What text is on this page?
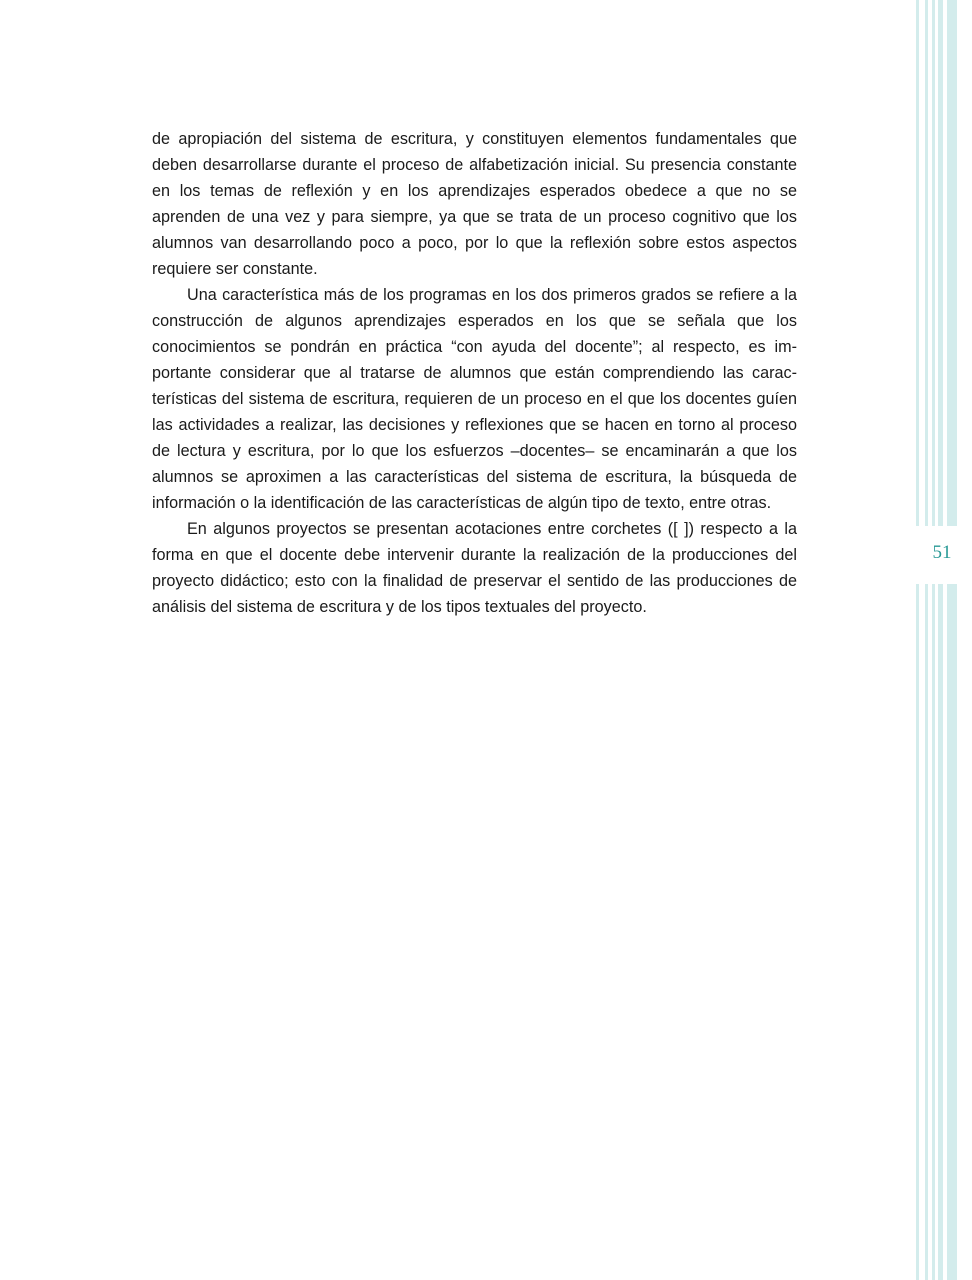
de apropiación del sistema de escritura, y constituyen elementos fundamentales que deben desarrollarse durante el proceso de alfabetización inicial. Su presencia constante en los temas de reflexión y en los aprendizajes esperados obedece a que no se aprenden de una vez y para siempre, ya que se trata de un proceso cognitivo que los alumnos van desarrollando poco a poco, por lo que la reflexión sobre estos aspectos requiere ser constante.

Una característica más de los programas en los dos primeros grados se refiere a la construcción de algunos aprendizajes esperados en los que se señala que los conocimientos se pondrán en práctica “con ayuda del docente”; al respecto, es importante considerar que al tratarse de alumnos que están comprendiendo las características del sistema de escritura, requieren de un proceso en el que los docentes guíen las actividades a realizar, las decisiones y reflexiones que se hacen en torno al proceso de lectura y escritura, por lo que los esfuerzos –docentes– se encaminarán a que los alumnos se aproximen a las características del sistema de escritura, la búsqueda de información o la identificación de las características de algún tipo de texto, entre otras.

En algunos proyectos se presentan acotaciones entre corchetes ([ ]) respecto a la forma en que el docente debe intervenir durante la realización de la producciones del proyecto didáctico; esto con la finalidad de preservar el sentido de las producciones de análisis del sistema de escritura y de los tipos textuales del proyecto.

51
